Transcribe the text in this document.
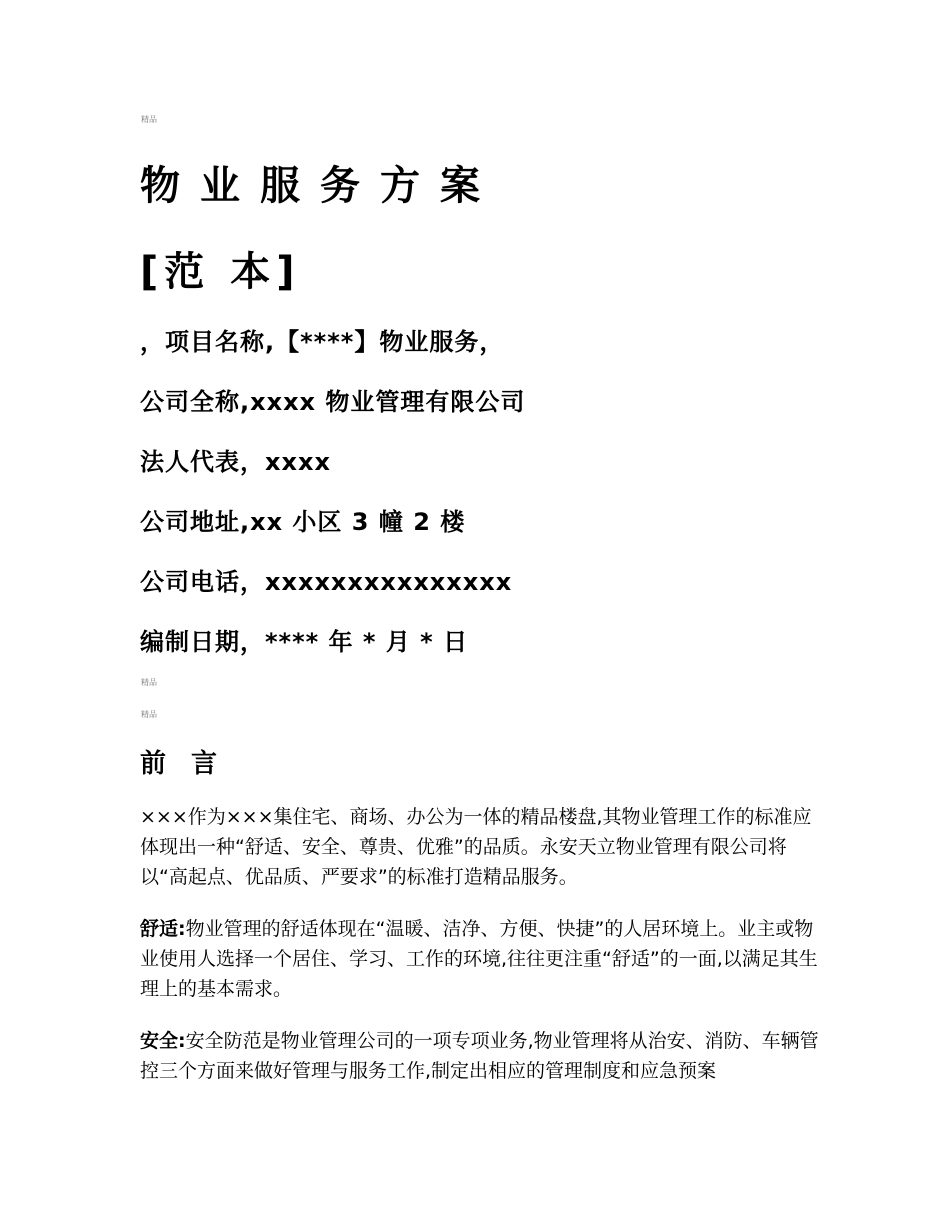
精品
物业服务方案
[范 本]
，项目名称,【****】物业服务，
公司全称,xxxx 物业管理有限公司
法人代表，xxxx
公司地址,xx 小区 3 幢 2 楼
公司电话，xxxxxxxxxxxxxxx
编制日期，**** 年 * 月 * 日
精品
精品
前 言
×××作为×××集住宅、商场、办公为一体的精品楼盘,其物业管理工作的标准应体现出一种“舒适、安全、尊贵、优雅”的品质。永安天立物业管理有限公司将以“高起点、优品质、严要求”的标准打造精品服务。
舒适:物业管理的舒适体现在“温暖、洁净、方便、快捷”的人居环境上。业主或物业使用人选择一个居住、学习、工作的环境,往往更注重“舒适”的一面,以满足其生理上的基本需求。
安全:安全防范是物业管理公司的一项专项业务,物业管理将从治安、消防、车辆管控三个方面来做好管理与服务工作,制定出相应的管理制度和应急预案
